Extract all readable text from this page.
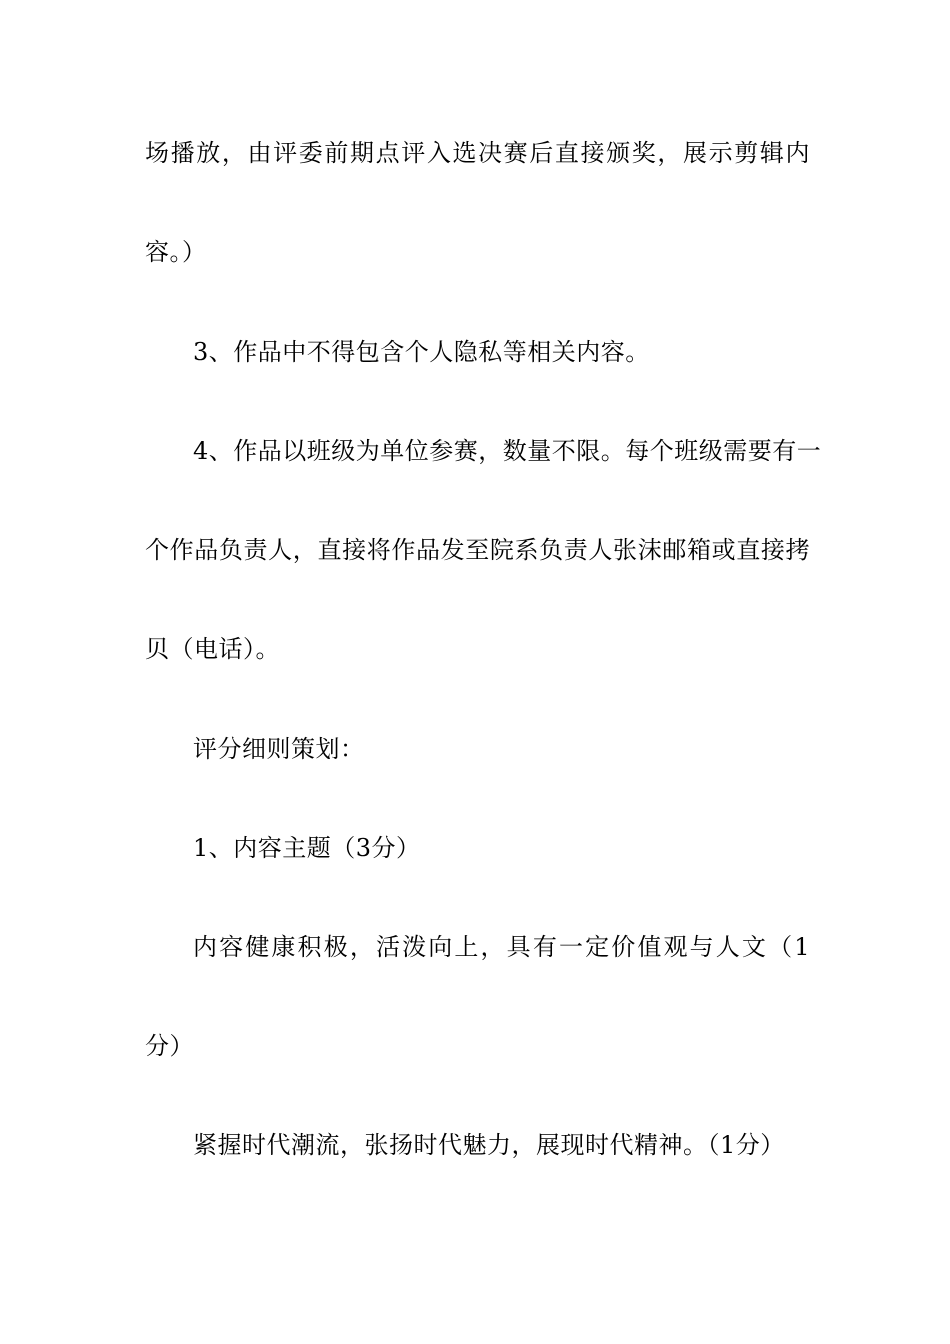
场播放，由评委前期点评入选决赛后直接颁奖，展示剪辑内
容。）
3、作品中不得包含个人隐私等相关内容。
4、作品以班级为单位参赛，数量不限。每个班级需要有一
个作品负责人，直接将作品发至院系负责人张沫邮箱或直接拷
贝（电话）。
评分细则策划：
1、内容主题（3分）
内容健康积极，活泼向上，具有一定价值观与人文（1
分）
紧握时代潮流，张扬时代魅力，展现时代精神。（1分）
